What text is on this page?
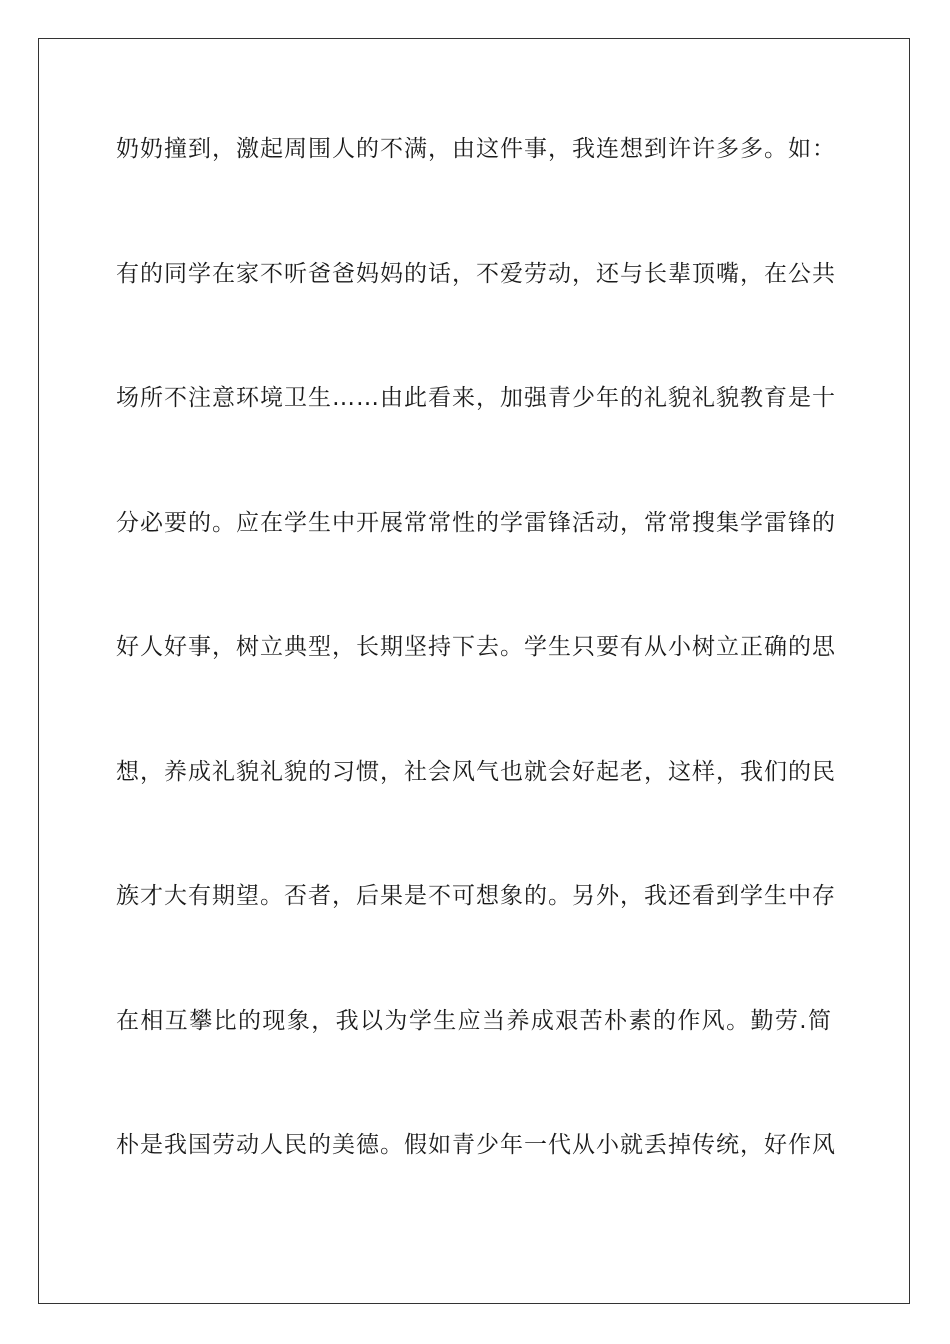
奶奶撞到，激起周围人的不满，由这件事，我连想到许许多多。如：
有的同学在家不听爸爸妈妈的话，不爱劳动，还与长辈顶嘴，在公共
场所不注意环境卫生……由此看来，加强青少年的礼貌礼貌教育是十
分必要的。应在学生中开展常常性的学雷锋活动，常常搜集学雷锋的
好人好事，树立典型，长期坚持下去。学生只要有从小树立正确的思
想，养成礼貌礼貌的习惯，社会风气也就会好起老，这样，我们的民
族才大有期望。否者，后果是不可想象的。另外，我还看到学生中存
在相互攀比的现象，我以为学生应当养成艰苦朴素的作风。勤劳.简
朴是我国劳动人民的美德。假如青少年一代从小就丢掉传统，好作风
